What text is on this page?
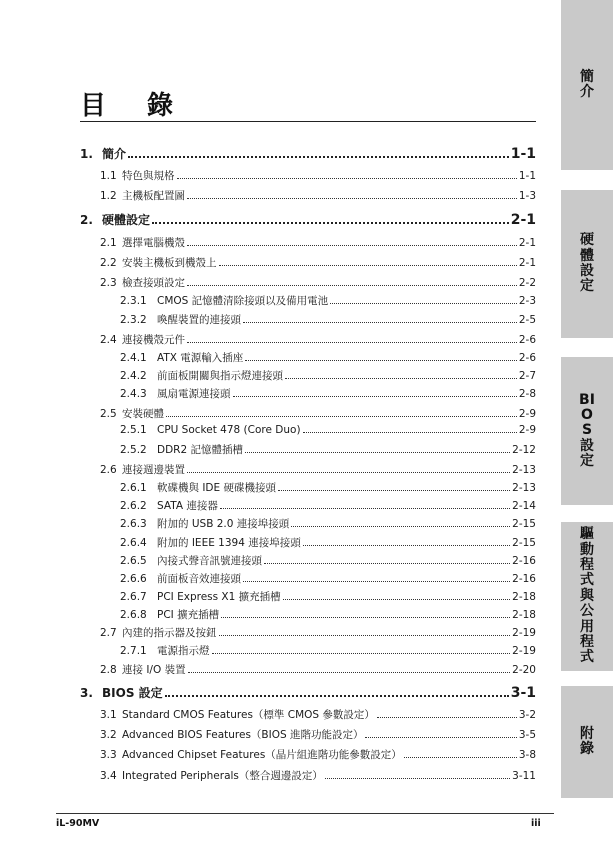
目 錄
1. 簡介	1-1
1.1 特色與規格	1-1
1.2 主機板配置圖	1-3
2. 硬體設定	2-1
2.1 選擇電腦機殼	2-1
2.2 安裝主機板到機殼上	2-1
2.3 檢查接頭設定	2-2
2.3.1 CMOS 記憶體清除接頭以及備用電池	2-3
2.3.2 喚醒裝置的連接頭	2-5
2.4 連接機殼元件	2-6
2.4.1 ATX 電源輸入插座	2-6
2.4.2 前面板開關與指示燈連接頭	2-7
2.4.3 風扇電源連接頭	2-8
2.5 安裝硬體	2-9
2.5.1 CPU Socket 478 (Core Duo)	2-9
2.5.2 DDR2 記憶體插槽	2-12
2.6 連接週邊裝置	2-13
2.6.1 軟碟機與 IDE 硬碟機接頭	2-13
2.6.2 SATA 連接器	2-14
2.6.3 附加的 USB 2.0 連接埠接頭	2-15
2.6.4 附加的 IEEE 1394 連接埠接頭	2-15
2.6.5 內接式聲音訊號連接頭	2-16
2.6.6 前面板音效連接頭	2-16
2.6.7 PCI Express X1 擴充插槽	2-18
2.6.8 PCI 擴充插槽	2-18
2.7 內建的指示器及按鈕	2-19
2.7.1 電源指示燈	2-19
2.8 連接 I/O 裝置	2-20
3. BIOS 設定	3-1
3.1 Standard CMOS Features（標準 CMOS 參數設定）	3-2
3.2 Advanced BIOS Features（BIOS 進階功能設定）	3-5
3.3 Advanced Chipset Features（晶片組進階功能參數設定）	3-8
3.4 Integrated Peripherals（整合週邊設定）	3-11
簡介
硬體設定
BIOS設定
驅動程式與公用程式
附錄
iL-90MV	iii
